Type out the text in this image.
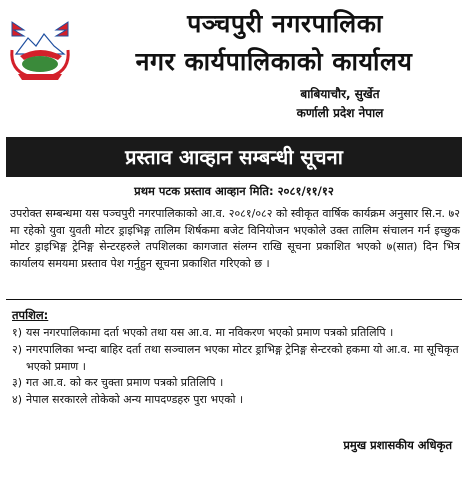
पञ्चपुरी नगरपालिका
नगर कार्यपालिकाको कार्यालय
बाबियाचौर, सुर्खेत
कर्णाली प्रदेश नेपाल
प्रस्ताव आव्हान सम्बन्धी सूचना
प्रथम पटक प्रस्ताव आव्हान मिति: २०८१/११/१२

उपरोक्त सम्बन्धमा यस पञ्चपुरी नगरपालिकाको आ.व. २०८१/०८२ को स्वीकृत वार्षिक कार्यक्रम अनुसार सि.न. ७२ मा रहेको युवा युवती मोटर ड्राइभिङ्ग तालिम शिर्षकमा बजेट विनियोजन भएकोले उक्त तालिम संचालन गर्न इच्छुक मोटर ड्राइभिङ्ग ट्रेनिङ्ग सेन्टरहरुले तपशिलका कागजात संलग्न राखि सूचना प्रकाशित भएको ७(सात) दिन भित्र कार्यालय समयमा प्रस्ताव पेश गर्नुहुन सूचना प्रकाशित गरिएको छ ।

तपशिल:
१) यस नगरपालिकामा दर्ता भएको तथा यस आ.व. मा नविकरण भएको प्रमाण पत्रको प्रतिलिपि ।
२) नगरपालिका भन्दा बाहिर दर्ता तथा सञ्चालन भएका मोटर ड्राभिङ्ग ट्रेनिङ्ग सेन्टरको हकमा यो आ.व. मा सूचिकृत भएको प्रमाण ।
३) गत आ.व. को कर चुक्ता प्रमाण पत्रको प्रतिलिपि ।
४) नेपाल सरकारले तोकेको अन्य मापदण्डहरु पुरा भएको ।
प्रमुख प्रशासकीय अधिकृत
